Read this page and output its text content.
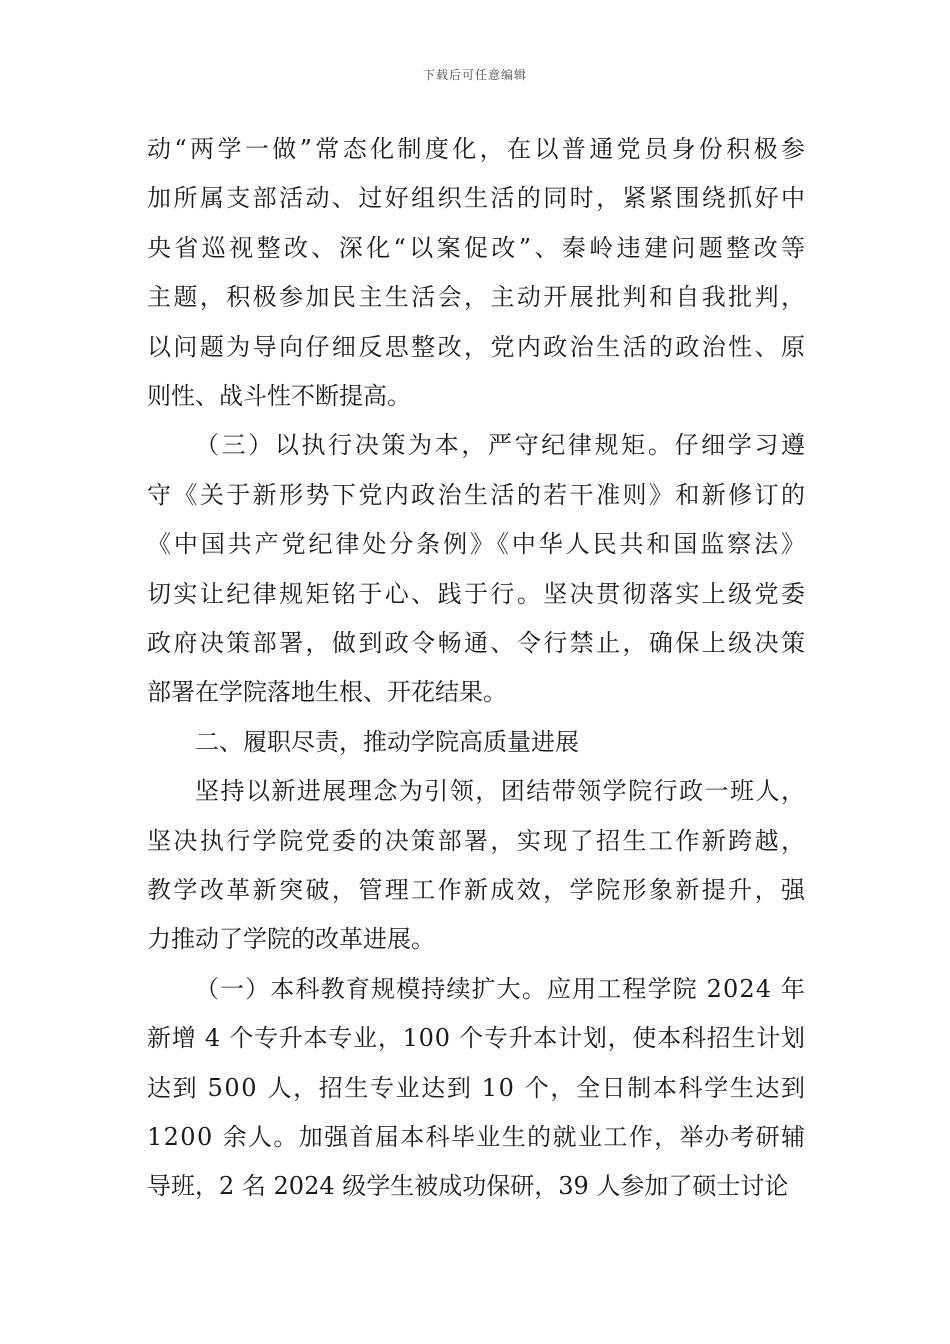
下载后可任意编辑
动“两学一做”常态化制度化，在以普通党员身份积极参
加所属支部活动、过好组织生活的同时，紧紧围绕抓好中
央省巡视整改、深化“以案促改”、秦岭违建问题整改等
主题，积极参加民主生活会，主动开展批判和自我批判，
以问题为导向仔细反思整改，党内政治生活的政治性、原
则性、战斗性不断提高。
（三）以执行决策为本，严守纪律规矩。仔细学习遵
守《关于新形势下党内政治生活的若干准则》和新修订的
《中国共产党纪律处分条例》《中华人民共和国监察法》
切实让纪律规矩铭于心、践于行。坚决贯彻落实上级党委
政府决策部署，做到政令畅通、令行禁止，确保上级决策
部署在学院落地生根、开花结果。
二、履职尽责，推动学院高质量进展
坚持以新进展理念为引领，团结带领学院行政一班人，
坚决执行学院党委的决策部署，实现了招生工作新跨越，
教学改革新突破，管理工作新成效，学院形象新提升，强
力推动了学院的改革进展。
（一）本科教育规模持续扩大。应用工程学院 2024 年
新增 4 个专升本专业，100 个专升本计划，使本科招生计划
达到 500 人，招生专业达到 10 个，全日制本科学生达到
1200 余人。加强首届本科毕业生的就业工作，举办考研辅
导班，2 名 2024 级学生被成功保研，39 人参加了硕士讨论
